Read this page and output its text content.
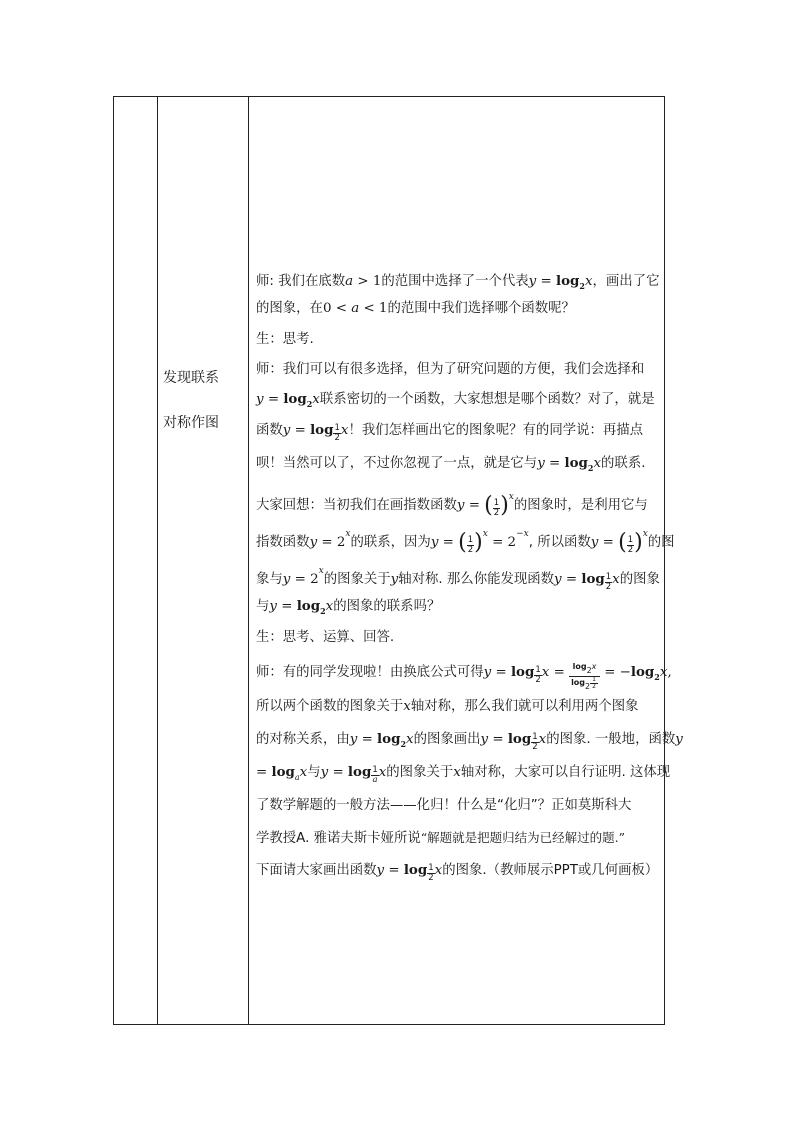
发现联系
对称作图
师: 我们在底数a > 1的范围中选择了一个代表$y = \log_2x$，画出了它
的图象，在0 < a < 1的范围中我们选择哪个函数呢？
生：思考.
师：我们可以有很多选择，但为了研究问题的方便，我们会选择和
$y = \log_2x$联系密切的一个函数，大家想想是哪个函数？对了，就是
函数$y = \log \frac{1}{2}$ x！我们怎样画出它的图象呢？有的同学说：再描点
呗！当然可以了，不过你忽视了一点，就是它与$y = \log_2x$的联系.
大家回想：当初我们在画指数函数y = ( $\frac{1}{2} )^x$的图象时，是利用它与
指数函数$y = 2^x$的联系，因为y = ( $\frac{1}{2} )^x = 2^{-x}$, 所以函数y = ( $\frac{1}{2} )^x$的图
象与$y = 2^x$的图象关于y轴对称. 那么你能发现函数$y = \log \frac{1}{2}$ x的图象
与$y = \log_2x$的图象的联系吗？
生：思考、运算、回答.
师：有的同学发现啦！由换底公式可得$y = \log \frac{1}{2}$ $x = \frac{\log 2x}{\log 2 \frac{1}{2}} = -\log_2x$,
所以两个函数的图象关于x轴对称，那么我们就可以利用两个图象
的对称关系，由$y = \log_2x$的图象画出$y = \log \frac{1}{2}$ x的图象. 一般地，函数y
= $\log_ax$与$y = \log \frac{1}{a}$ x的图象关于x轴对称，大家可以自行证明. 这体现
了数学解题的一般方法——化归！什么是“化归”？正如莫斯科大
学教授A. 雅诺夫斯卡娅所说“解题就是把题归结为已经解过的题.”
下面请大家画出函数$y = \log \frac{1}{2}$ x的图象.（教师展示PPT或几何画板）
